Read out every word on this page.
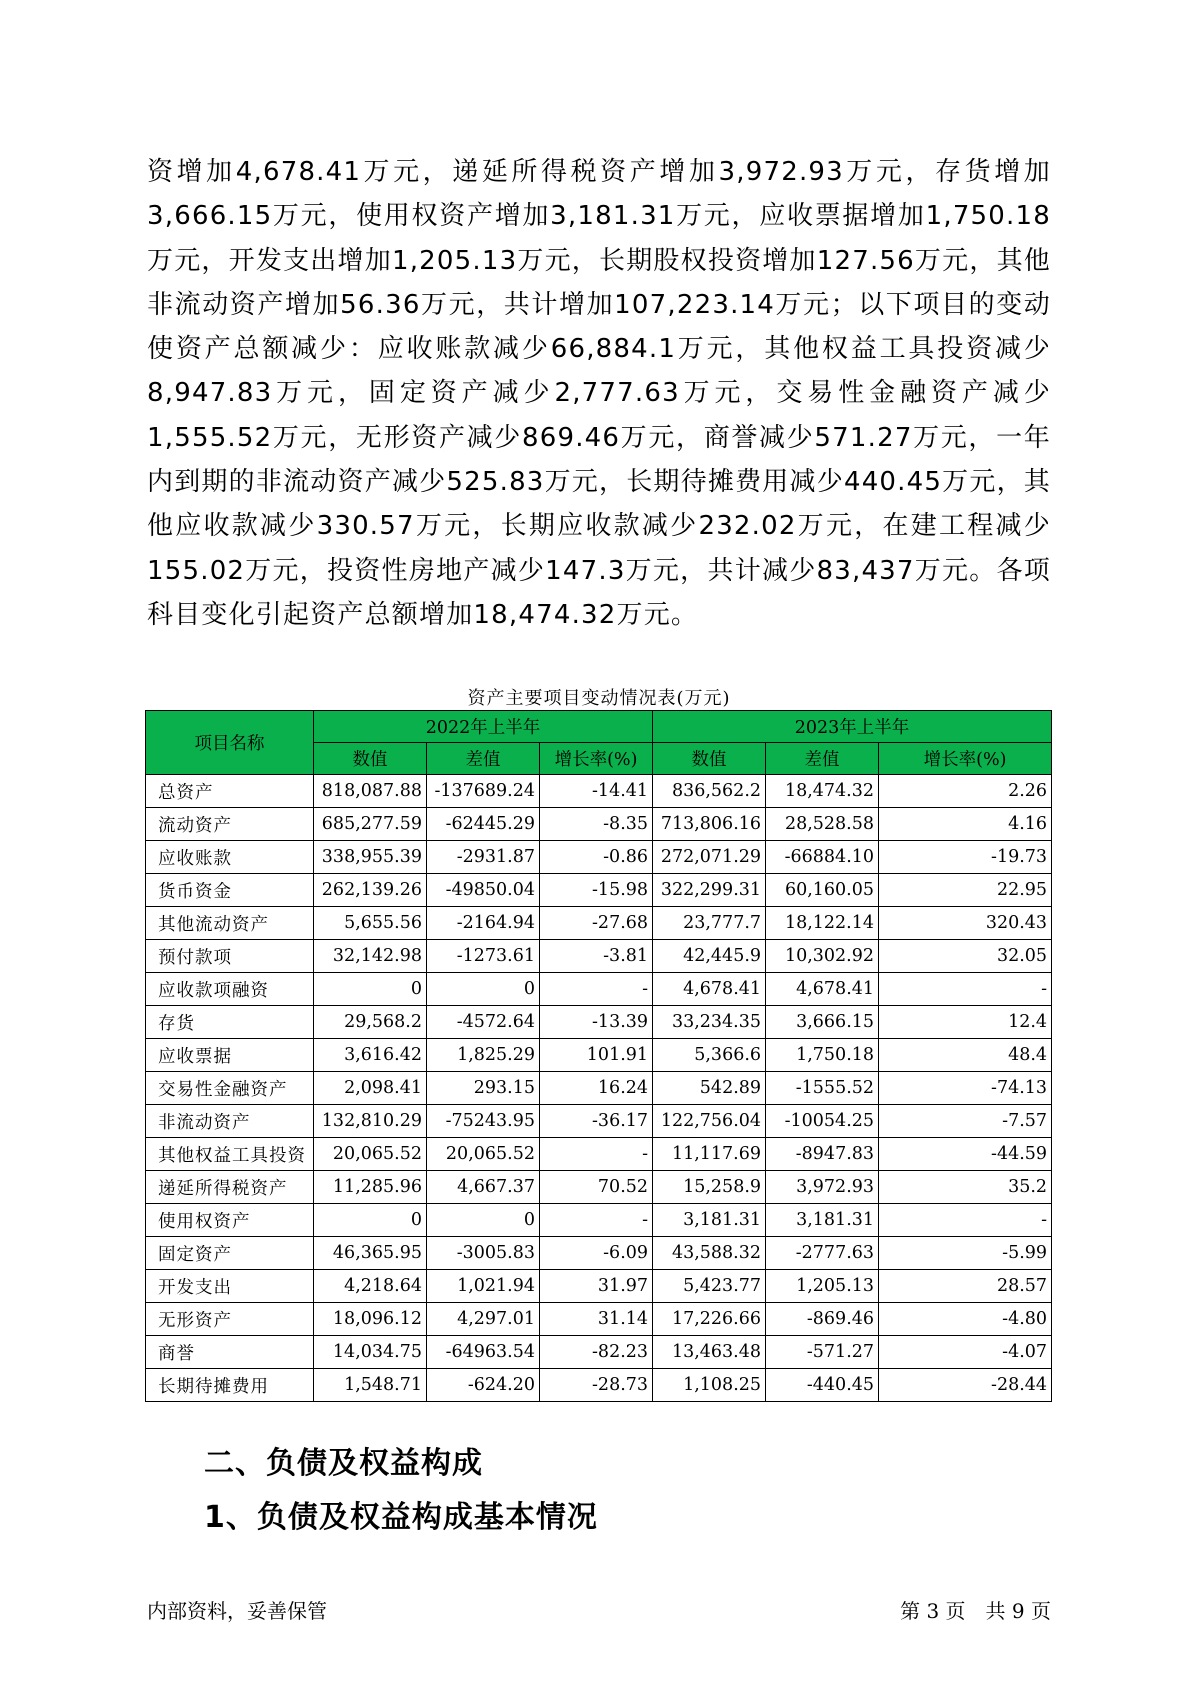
资增加4,678.41万元，递延所得税资产增加3,972.93万元，存货增加3,666.15万元，使用权资产增加3,181.31万元，应收票据增加1,750.18万元，开发支出增加1,205.13万元，长期股权投资增加127.56万元，其他非流动资产增加56.36万元，共计增加107,223.14万元；以下项目的变动使资产总额减少：应收账款减少66,884.1万元，其他权益工具投资减少8,947.83万元，固定资产减少2,777.63万元，交易性金融资产减少1,555.52万元，无形资产减少869.46万元，商誉减少571.27万元，一年内到期的非流动资产减少525.83万元，长期待摊费用减少440.45万元，其他应收款减少330.57万元，长期应收款减少232.02万元，在建工程减少155.02万元，投资性房地产减少147.3万元，共计减少83,437万元。各项科目变化引起资产总额增加18,474.32万元。

资产主要项目变动情况表(万元)
项目名称	2022年上半年			2023年上半年		
	数值	差值	增长率(%)	数值	差值	增长率(%)
总资产	818,087.88	-137689.24	-14.41	836,562.2	18,474.32	2.26
流动资产	685,277.59	-62445.29	-8.35	713,806.16	28,528.58	4.16
应收账款	338,955.39	-2931.87	-0.86	272,071.29	-66884.10	-19.73
货币资金	262,139.26	-49850.04	-15.98	322,299.31	60,160.05	22.95
其他流动资产	5,655.56	-2164.94	-27.68	23,777.7	18,122.14	320.43
预付款项	32,142.98	-1273.61	-3.81	42,445.9	10,302.92	32.05
应收款项融资	0	0	-	4,678.41	4,678.41	-
存货	29,568.2	-4572.64	-13.39	33,234.35	3,666.15	12.4
应收票据	3,616.42	1,825.29	101.91	5,366.6	1,750.18	48.4
交易性金融资产	2,098.41	293.15	16.24	542.89	-1555.52	-74.13
非流动资产	132,810.29	-75243.95	-36.17	122,756.04	-10054.25	-7.57
其他权益工具投资	20,065.52	20,065.52	-	11,117.69	-8947.83	-44.59
递延所得税资产	11,285.96	4,667.37	70.52	15,258.9	3,972.93	35.2
使用权资产	0	0	-	3,181.31	3,181.31	-
固定资产	46,365.95	-3005.83	-6.09	43,588.32	-2777.63	-5.99
开发支出	4,218.64	1,021.94	31.97	5,423.77	1,205.13	28.57
无形资产	18,096.12	4,297.01	31.14	17,226.66	-869.46	-4.80
商誉	14,034.75	-64963.54	-82.23	13,463.48	-571.27	-4.07
长期待摊费用	1,548.71	-624.20	-28.73	1,108.25	-440.45	-28.44
二、负债及权益构成
1、负债及权益构成基本情况
内部资料，妥善保管	第 3 页　共 9 页
